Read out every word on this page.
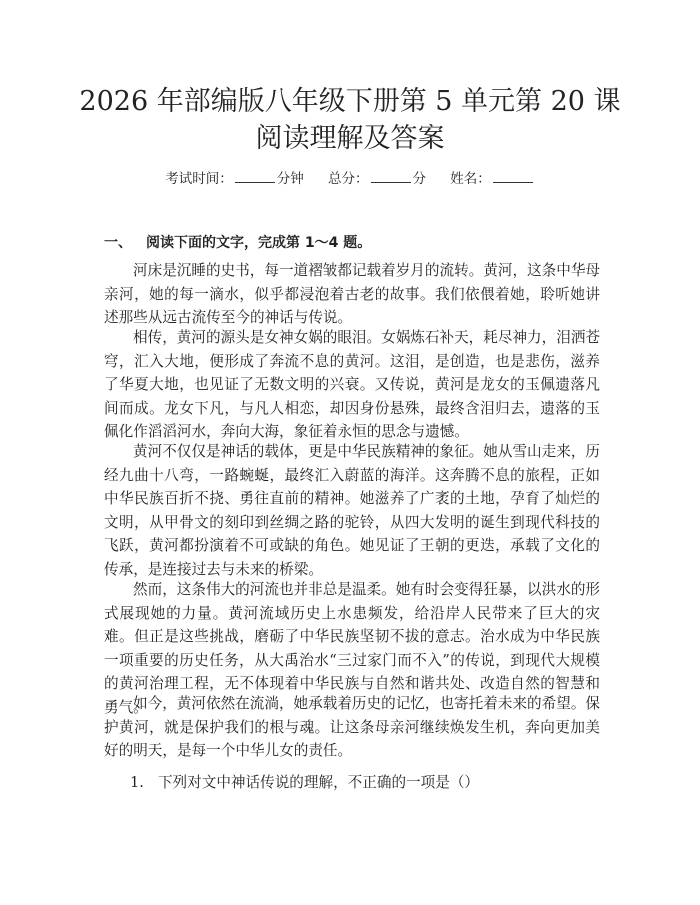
2026 年部编版八年级下册第 5 单元第 20 课
阅读理解及答案
考试时间：	分钟 总分：	分 姓名：
一、 阅读下面的文字，完成第 1～4 题。

河床是沉睡的史书，每一道褶皱都记载着岁月的流转。黄河，这条中华母亲河，她的每一滴水，似乎都浸泡着古老的故事。我们依偎着她，聆听她讲述那些从远古流传至今的神话与传说。

相传，黄河的源头是女神女娲的眼泪。女娲炼石补天，耗尽神力，泪洒苍穹，汇入大地，便形成了奔流不息的黄河。这泪，是创造，也是悲伤，滋养了华夏大地，也见证了无数文明的兴衰。又传说，黄河是龙女的玉佩遗落凡间而成。龙女下凡，与凡人相恋，却因身份悬殊，最终含泪归去，遗落的玉佩化作滔滔河水，奔向大海，象征着永恒的思念与遗憾。

黄河不仅仅是神话的载体，更是中华民族精神的象征。她从雪山走来，历经九曲十八弯，一路蜿蜒，最终汇入蔚蓝的海洋。这奔腾不息的旅程，正如中华民族百折不挠、勇往直前的精神。她滋养了广袤的土地，孕育了灿烂的文明，从甲骨文的刻印到丝绸之路的驼铃，从四大发明的诞生到现代科技的飞跃，黄河都扮演着不可或缺的角色。她见证了王朝的更迭，承载了文化的传承，是连接过去与未来的桥梁。

然而，这条伟大的河流也并非总是温柔。她有时会变得狂暴，以洪水的形式展现她的力量。黄河流域历史上水患频发，给沿岸人民带来了巨大的灾难。但正是这些挑战，磨砺了中华民族坚韧不拔的意志。治水成为中华民族一项重要的历史任务，从大禹治水“三过家门而不入”的传说，到现代大规模的黄河治理工程，无不体现着中华民族与自然和谐共处、改造自然的智慧和勇气。

如今，黄河依然在流淌，她承载着历史的记忆，也寄托着未来的希望。保护黄河，就是保护我们的根与魂。让这条母亲河继续焕发生机，奔向更加美好的明天，是每一个中华儿女的责任。

1. 下列对文中神话传说的理解，不正确的一项是（）
